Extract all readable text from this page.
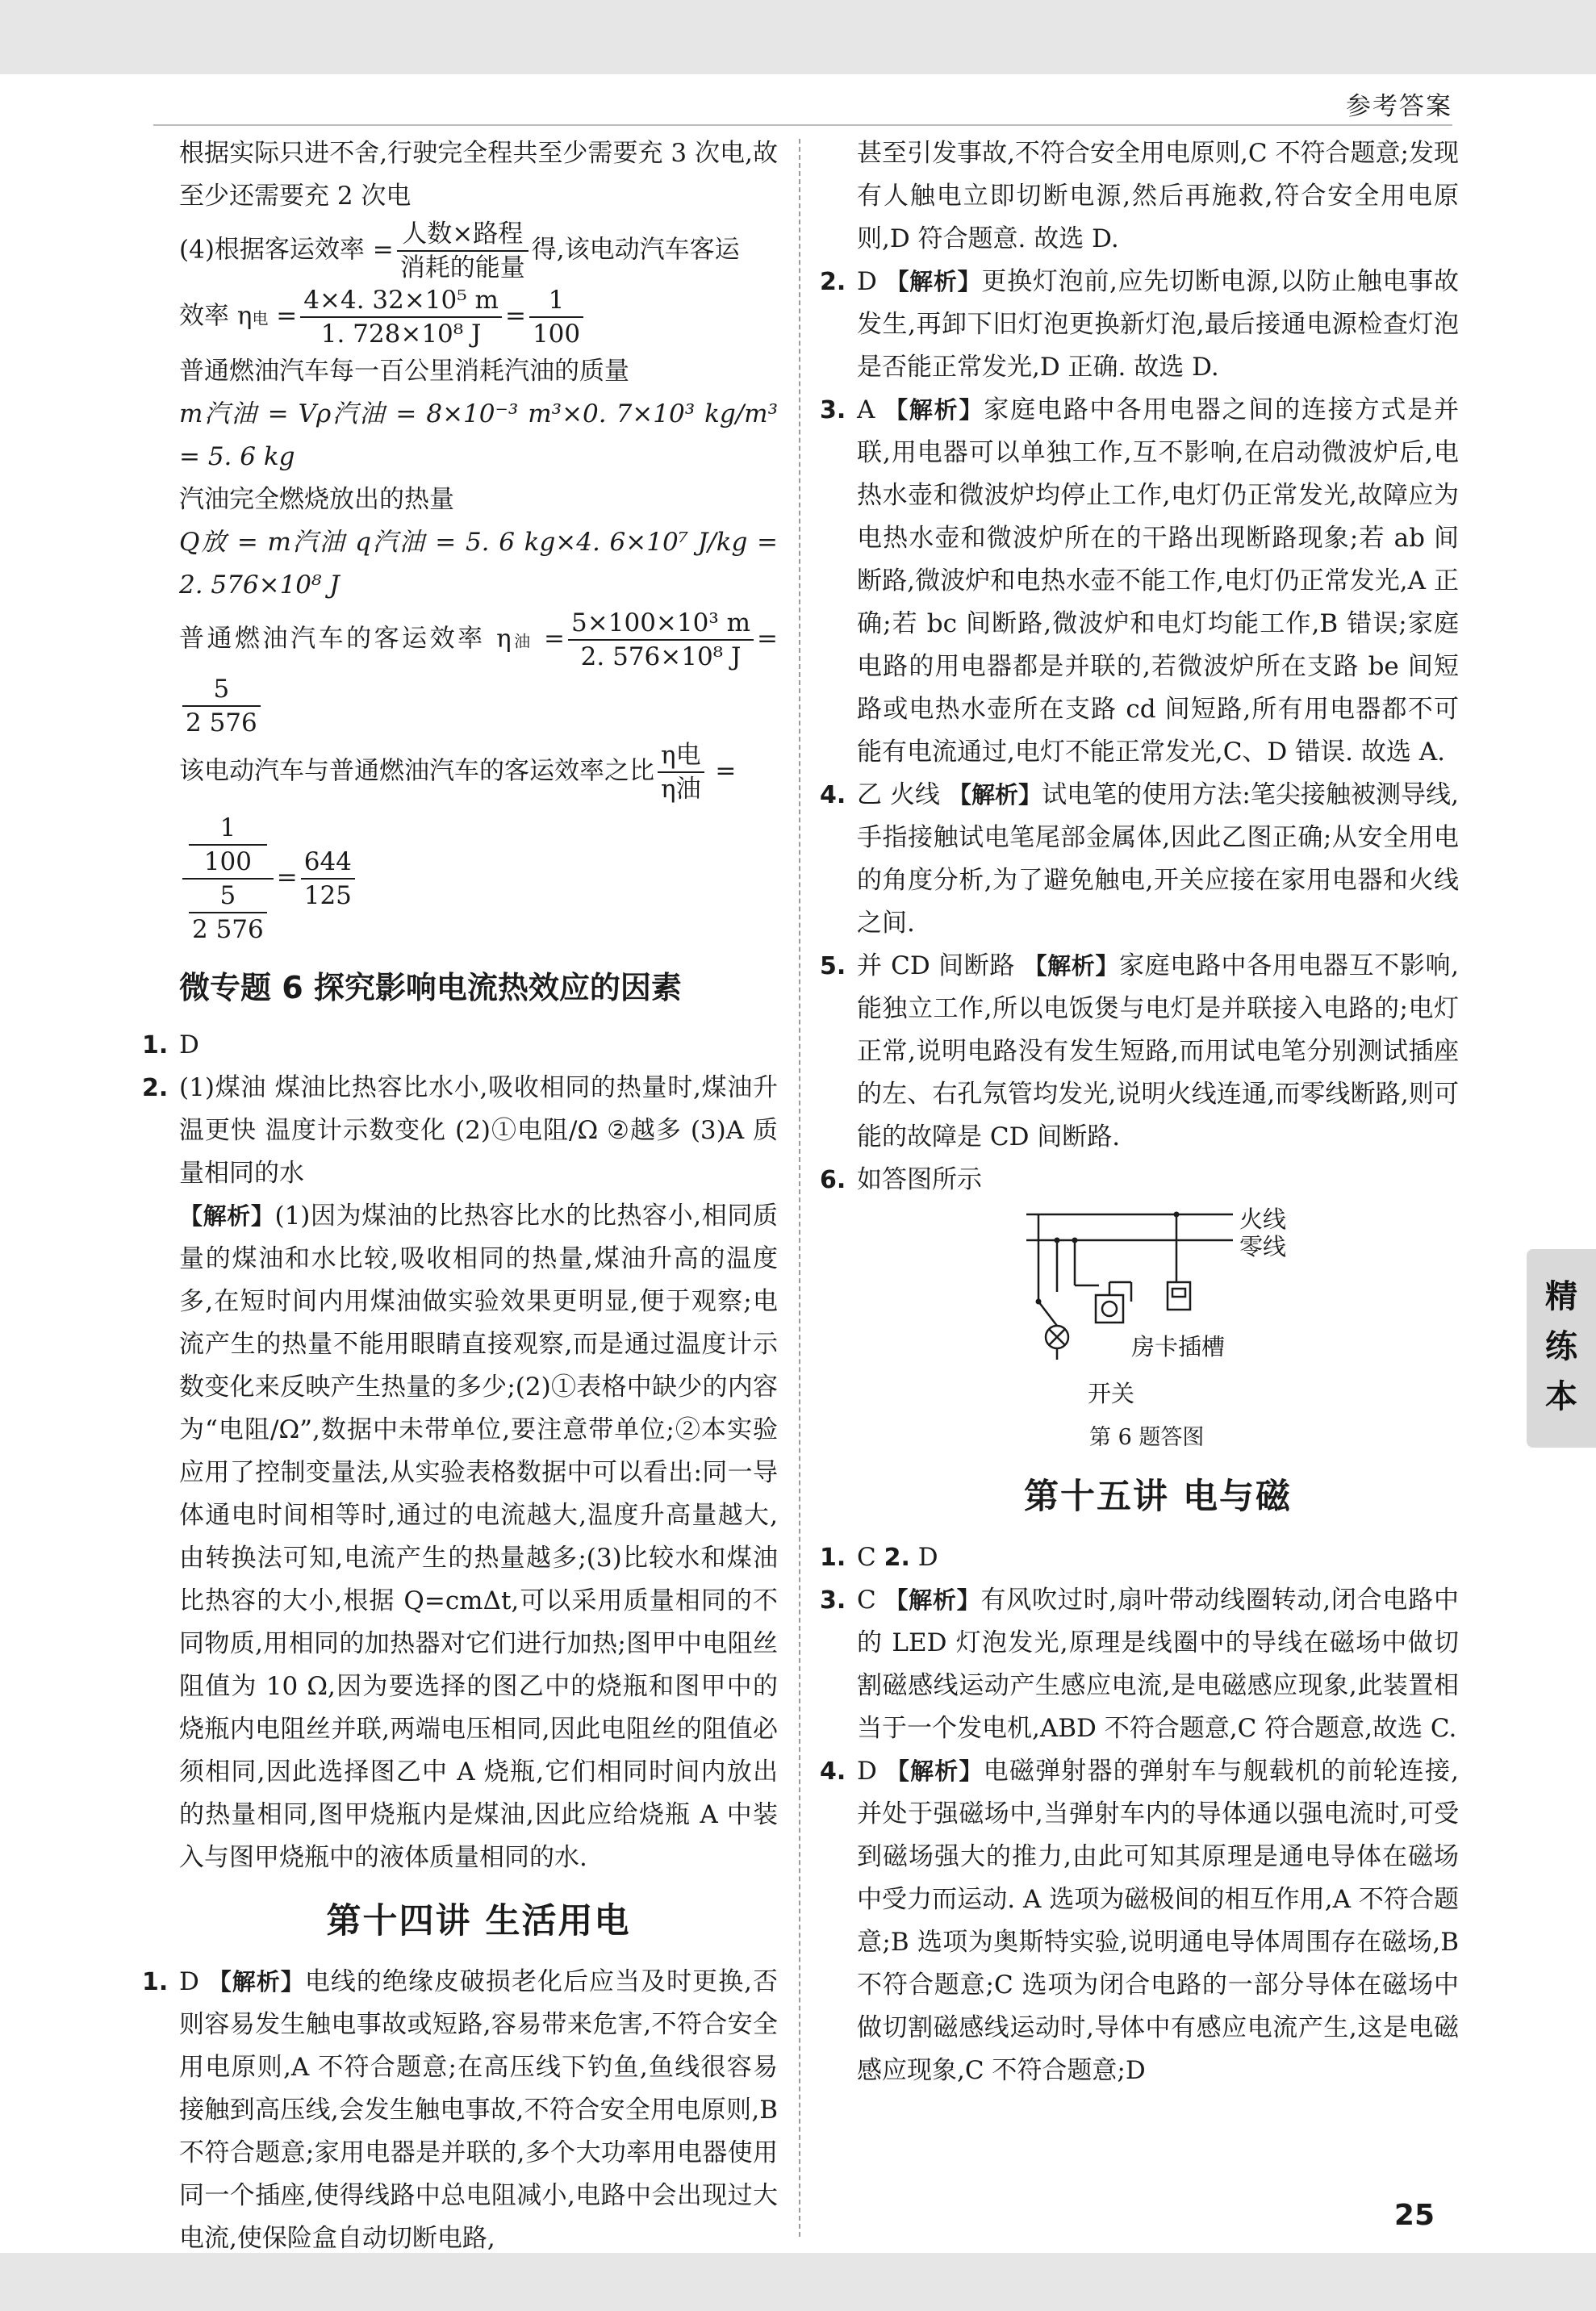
参考答案

根据实际只进不舍,行驶完全程共至少需要充 3 次电,故至少还需要充 2 次电

(4)根据客运效率 = $\frac{\text{人数×路程}}{\text{消耗的能量}}$ 得,该电动汽车客运

效率 η电 = $\frac{\text{4×4. 32×10⁵ m}}{\text{1. 728×10⁸ J}} = \frac{1}{100}$

普通燃油汽车每一百公里消耗汽油的质量

m汽油 = Vρ汽油 = 8×10⁻³ m³×0. 7×10³ kg/m³ = 5. 6 kg

汽油完全燃烧放出的热量

Q放 = m汽油 q汽油 = 5. 6 kg×4. 6×10⁷ J/kg = 2. 576×10⁸ J

普通燃油汽车的客运效率 η油 = $\frac{\text{5×100×10³ m}}{\text{2. 576×10⁸ J}}$ =
$\frac{5}{2 576}$

该电动汽车与普通燃油汽车的客运效率之比 $\frac{\text{η电}}{\text{η油}}$ =

1
100
5
2 $576 = \frac{644}{125}$

微专题 6 探究影响电流热效应的因素
1. D

2. (1)煤油 煤油比热容比水小,吸收相同的热量时,煤油升温更快 温度计示数变化 (2)①电阻/Ω ②越多 (3)A 质量相同的水

【解析】(1)因为煤油的比热容比水的比热容小,相同质量的煤油和水比较,吸收相同的热量,煤油升高的温度多,在短时间内用煤油做实验效果更明显,便于观察;电流产生的热量不能用眼睛直接观察,而是通过温度计示数变化来反映产生热量的多少;(2)①表格中缺少的内容为“电阻/Ω”,数据中未带单位,要注意带单位;②本实验应用了控制变量法,从实验表格数据中可以看出:同一导体通电时间相等时,通过的电流越大,温度升高量越大,由转换法可知,电流产生的热量越多;(3)比较水和煤油比热容的大小,根据 Q=cmΔt,可以采用质量相同的不同物质,用相同的加热器对它们进行加热;图甲中电阻丝阻值为 10 Ω,因为要选择的图乙中的烧瓶和图甲中的烧瓶内电阻丝并联,两端电压相同,因此电阻丝的阻值必须相同,因此选择图乙中 A 烧瓶,它们相同时间内放出的热量相同,图甲烧瓶内是煤油,因此应给烧瓶 A 中装入与图甲烧瓶中的液体质量相同的水.

第十四讲 生活用电
1. D 【解析】电线的绝缘皮破损老化后应当及时更换,否则容易发生触电事故或短路,容易带来危害,不符合安全用电原则,A 不符合题意;在高压线下钓鱼,鱼线很容易接触到高压线,会发生触电事故,不符合安全用电原则,B 不符合题意;家用电器是并联的,多个大功率用电器使用同一个插座,使得线路中总电阻减小,电路中会出现过大电流,使保险盒自动切断电路,

甚至引发事故,不符合安全用电原则,C 不符合题意;发现有人触电立即切断电源,然后再施救,符合安全用电原则,D 符合题意. 故选 D.

2. D 【解析】更换灯泡前,应先切断电源,以防止触电事故发生,再卸下旧灯泡更换新灯泡,最后接通电源检查灯泡是否能正常发光,D 正确. 故选 D.

3. A 【解析】家庭电路中各用电器之间的连接方式是并联,用电器可以单独工作,互不影响,在启动微波炉后,电热水壶和微波炉均停止工作,电灯仍正常发光,故障应为电热水壶和微波炉所在的干路出现断路现象;若 ab 间断路,微波炉和电热水壶不能工作,电灯仍正常发光,A 正确;若 bc 间断路,微波炉和电灯均能工作,B 错误;家庭电路的用电器都是并联的,若微波炉所在支路 be 间短路或电热水壶所在支路 cd 间短路,所有用电器都不可能有电流通过,电灯不能正常发光,C、D 错误. 故选 A.

4. 乙 火线 【解析】试电笔的使用方法:笔尖接触被测导线,手指接触试电笔尾部金属体,因此乙图正确;从安全用电的角度分析,为了避免触电,开关应接在家用电器和火线之间.

5. 并 CD 间断路 【解析】家庭电路中各用电器互不影响,能独立工作,所以电饭煲与电灯是并联接入电路的;电灯正常,说明电路没有发生短路,而用试电笔分别测试插座的左、右孔氖管均发光,说明火线连通,而零线断路,则可能的故障是 CD 间断路.

6. 如答图所示

火线
零线
房卡插槽
开关
第 6 题答图
第十五讲 电与磁
1. C 2. D

3. C 【解析】有风吹过时,扇叶带动线圈转动,闭合电路中的 LED 灯泡发光,原理是线圈中的导线在磁场中做切割磁感线运动产生感应电流,是电磁感应现象,此装置相当于一个发电机,ABD 不符合题意,C 符合题意,故选 C.

4. D 【解析】电磁弹射器的弹射车与舰载机的前轮连接,并处于强磁场中,当弹射车内的导体通以强电流时,可受到磁场强大的推力,由此可知其原理是通电导体在磁场中受力而运动. A 选项为磁极间的相互作用,A 不符合题意;B 选项为奥斯特实验,说明通电导体周围存在磁场,B 不符合题意;C 选项为闭合电路的一部分导体在磁场中做切割磁感线运动时,导体中有感应电流产生,这是电磁感应现象,C 不符合题意;D

精
练
本
25
